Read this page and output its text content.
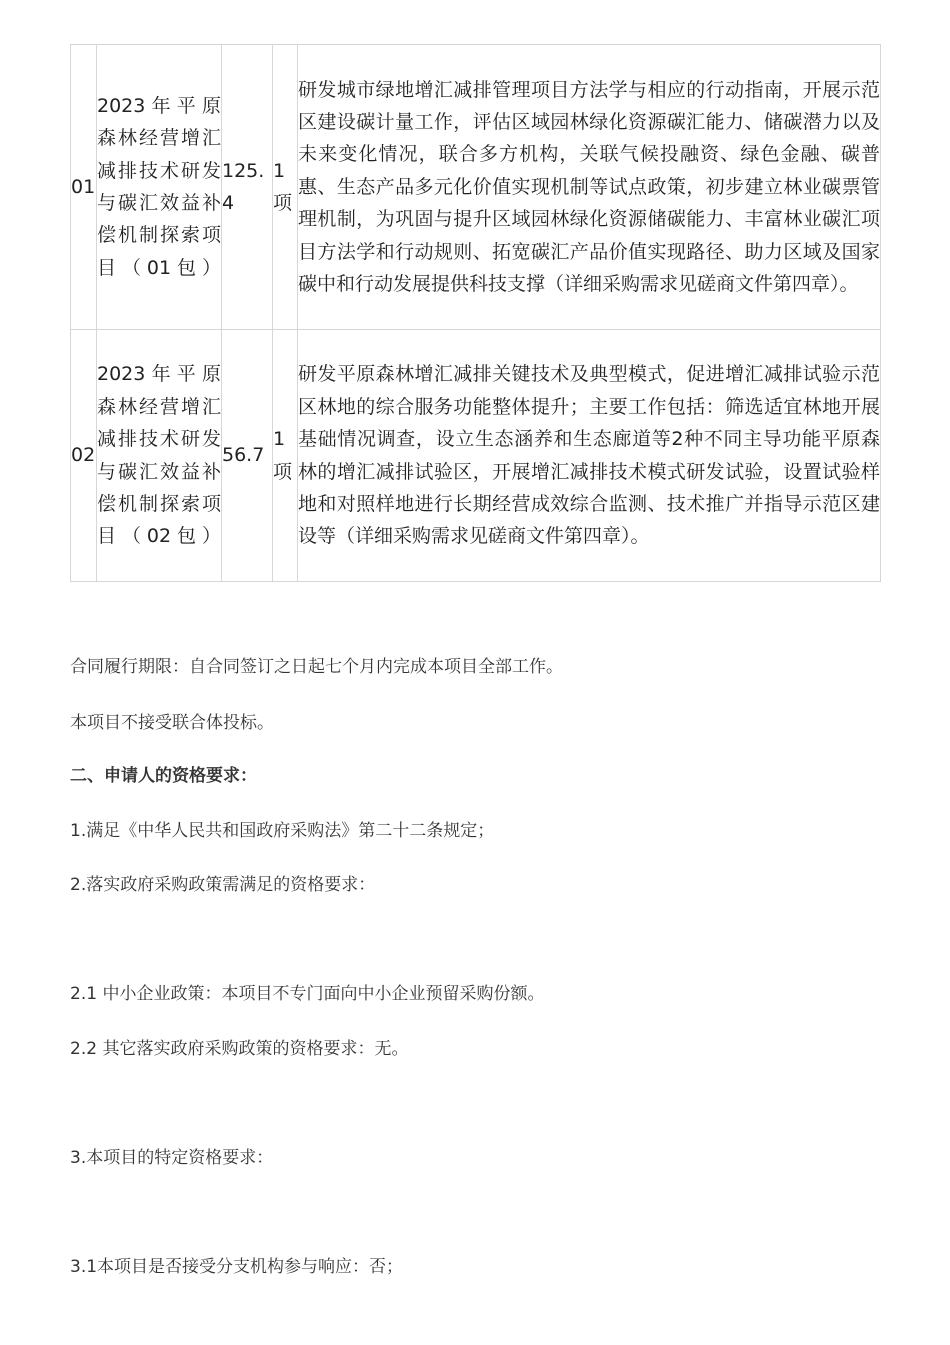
01	2023年平原森林经营增汇减排技术研发与碳汇效益补偿机制探索项目（01包）	125.4	1项	研发城市绿地增汇减排管理项目方法学与相应的行动指南，开展示范区建设碳计量工作，评估区域园林绿化资源碳汇能力、储碳潜力以及未来变化情况，联合多方机构，关联气候投融资、绿色金融、碳普惠、生态产品多元化价值实现机制等试点政策，初步建立林业碳票管理机制，为巩固与提升区域园林绿化资源储碳能力、丰富林业碳汇项目方法学和行动规则、拓宽碳汇产品价值实现路径、助力区域及国家碳中和行动发展提供科技支撑（详细采购需求见磋商文件第四章）。
02	2023年平原森林经营增汇减排技术研发与碳汇效益补偿机制探索项目（02包）	56.7	1项	研发平原森林增汇减排关键技术及典型模式，促进增汇减排试验示范区林地的综合服务功能整体提升；主要工作包括：筛选适宜林地开展基础情况调查，设立生态涵养和生态廊道等2种不同主导功能平原森林的增汇减排试验区，开展增汇减排技术模式研发试验，设置试验样地和对照样地进行长期经营成效综合监测、技术推广并指导示范区建设等（详细采购需求见磋商文件第四章）。
合同履行期限：自合同签订之日起七个月内完成本项目全部工作。
本项目不接受联合体投标。
二、申请人的资格要求：
1.满足《中华人民共和国政府采购法》第二十二条规定；
2.落实政府采购政策需满足的资格要求：
2.1 中小企业政策：本项目不专门面向中小企业预留采购份额。
2.2 其它落实政府采购政策的资格要求：无。
3.本项目的特定资格要求：
3.1本项目是否接受分支机构参与响应：否；
